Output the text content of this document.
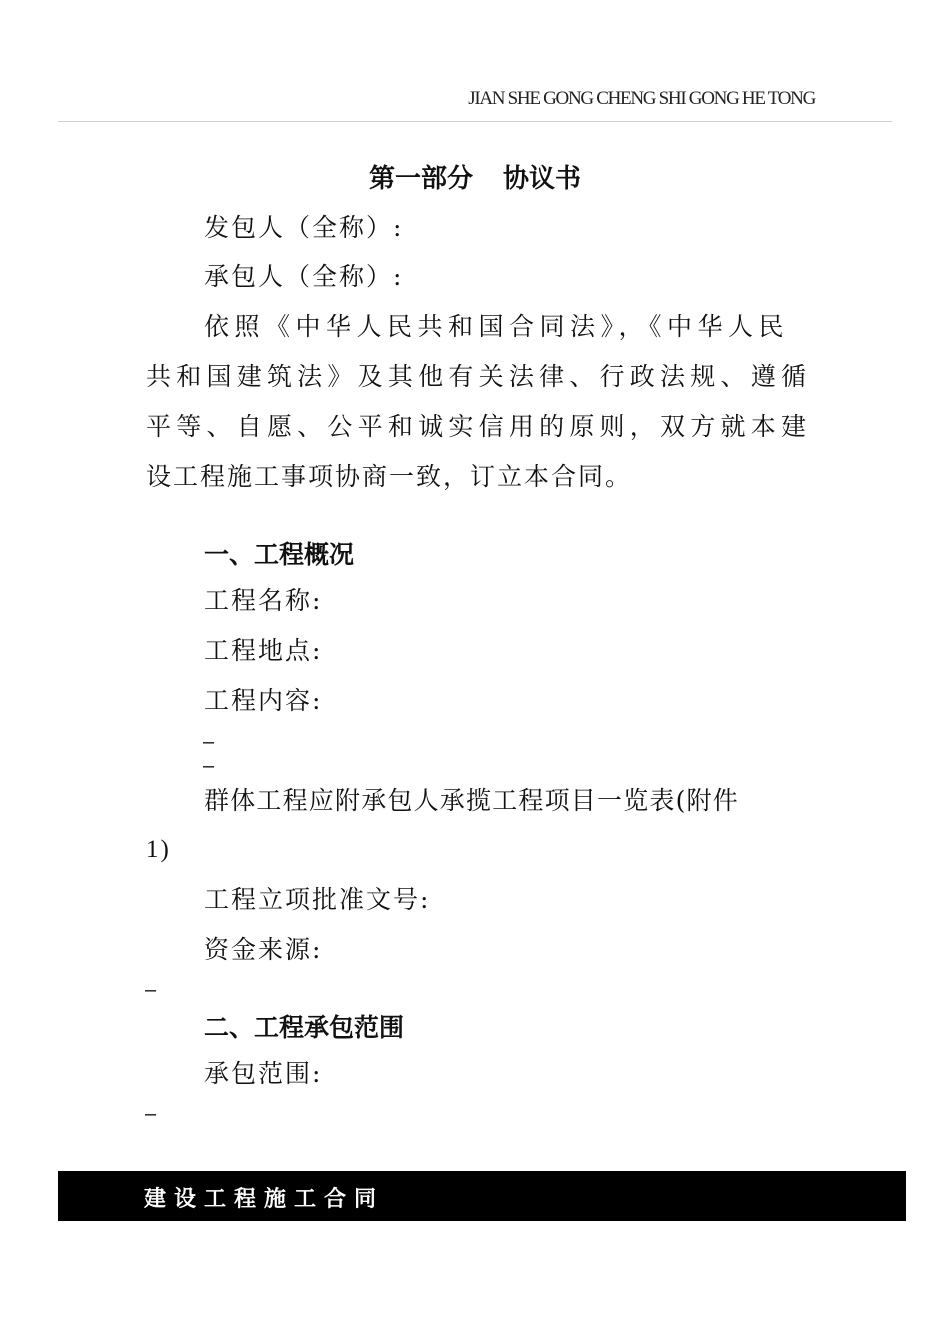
JIAN SHE GONG CHENG SHI GONG HE TONG
第一部分 协议书
发包人（全称）:
承包人（全称）:
依照《中华人民共和国合同法》，《中华人民
共和国建筑法》及其他有关法律、行政法规、遵循
平等、自愿、公平和诚实信用的原则，双方就本建
设工程施工事项协商一致，订立本合同。
一、工程概况
工程名称:
工程地点:
工程内容:
–
–
群体工程应附承包人承揽工程项目一览表(附件
1)
工程立项批准文号:
资金来源:
–
二、工程承包范围
承包范围:
–
建设工程施工合同
